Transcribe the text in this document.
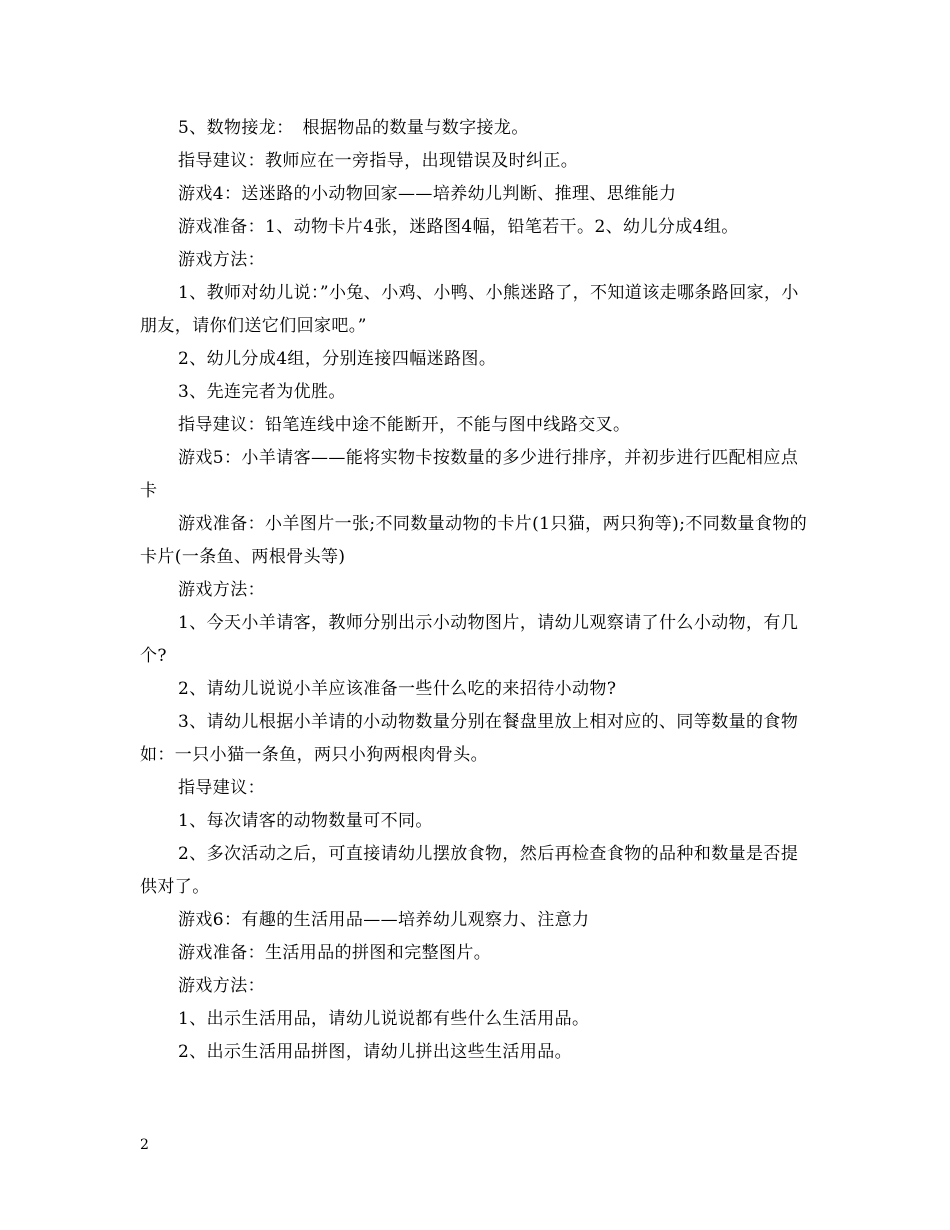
5、数物接龙：　根据物品的数量与数字接龙。

指导建议：教师应在一旁指导，出现错误及时纠正。

游戏4：送迷路的小动物回家——培养幼儿判断、推理、思维能力

游戏准备：1、动物卡片4张，迷路图4幅，铅笔若干。2、幼儿分成4组。

游戏方法：

1、教师对幼儿说：”小兔、小鸡、小鸭、小熊迷路了，不知道该走哪条路回家，小朋友，请你们送它们回家吧。”

2、幼儿分成4组，分别连接四幅迷路图。

3、先连完者为优胜。

指导建议：铅笔连线中途不能断开，不能与图中线路交叉。

游戏5：小羊请客——能将实物卡按数量的多少进行排序，并初步进行匹配相应点卡

游戏准备：小羊图片一张;不同数量动物的卡片(1只猫，两只狗等);不同数量食物的卡片(一条鱼、两根骨头等)

游戏方法：

1、今天小羊请客，教师分别出示小动物图片，请幼儿观察请了什么小动物，有几个?

2、请幼儿说说小羊应该准备一些什么吃的来招待小动物?

3、请幼儿根据小羊请的小动物数量分别在餐盘里放上相对应的、同等数量的食物如：一只小猫一条鱼，两只小狗两根肉骨头。

指导建议：

1、每次请客的动物数量可不同。

2、多次活动之后，可直接请幼儿摆放食物，然后再检查食物的品种和数量是否提供对了。

游戏6：有趣的生活用品——培养幼儿观察力、注意力

游戏准备：生活用品的拼图和完整图片。

游戏方法：

1、出示生活用品，请幼儿说说都有些什么生活用品。

2、出示生活用品拼图，请幼儿拼出这些生活用品。

2
